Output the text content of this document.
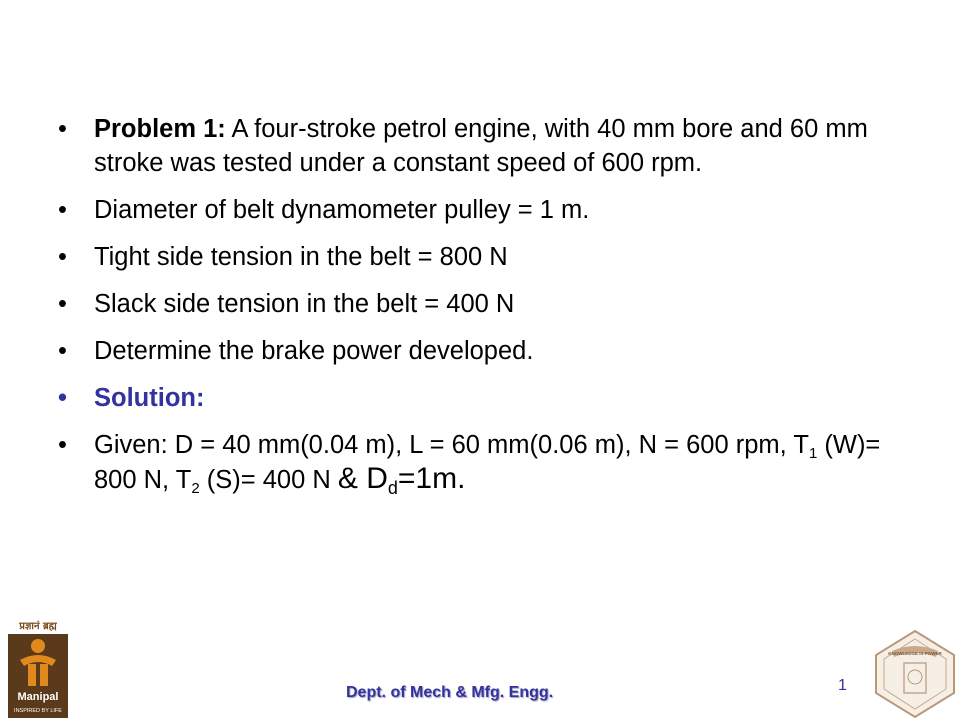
• Problem 1: A four-stroke petrol engine, with 40 mm bore and 60 mm stroke was tested under a constant speed of 600 rpm.
• Diameter of belt dynamometer pulley = 1 m.
• Tight side tension in the belt = 800 N
• Slack side tension in the belt = 400 N
• Determine the brake power developed.
• Solution:
• Given: D = 40 mm(0.04 m), L = 60 mm(0.06 m), N = 600 rpm, $T_1$ (W)= 800 N, $T_2$ (S)= 400 N & $D_d=1m$.
प्रज्ञानं ब्रह्म
Manipal
INSPIRED BY LIFE
Dept. of Mech & Mfg. Engg.	1
KNOWLEDGE IS POWER
